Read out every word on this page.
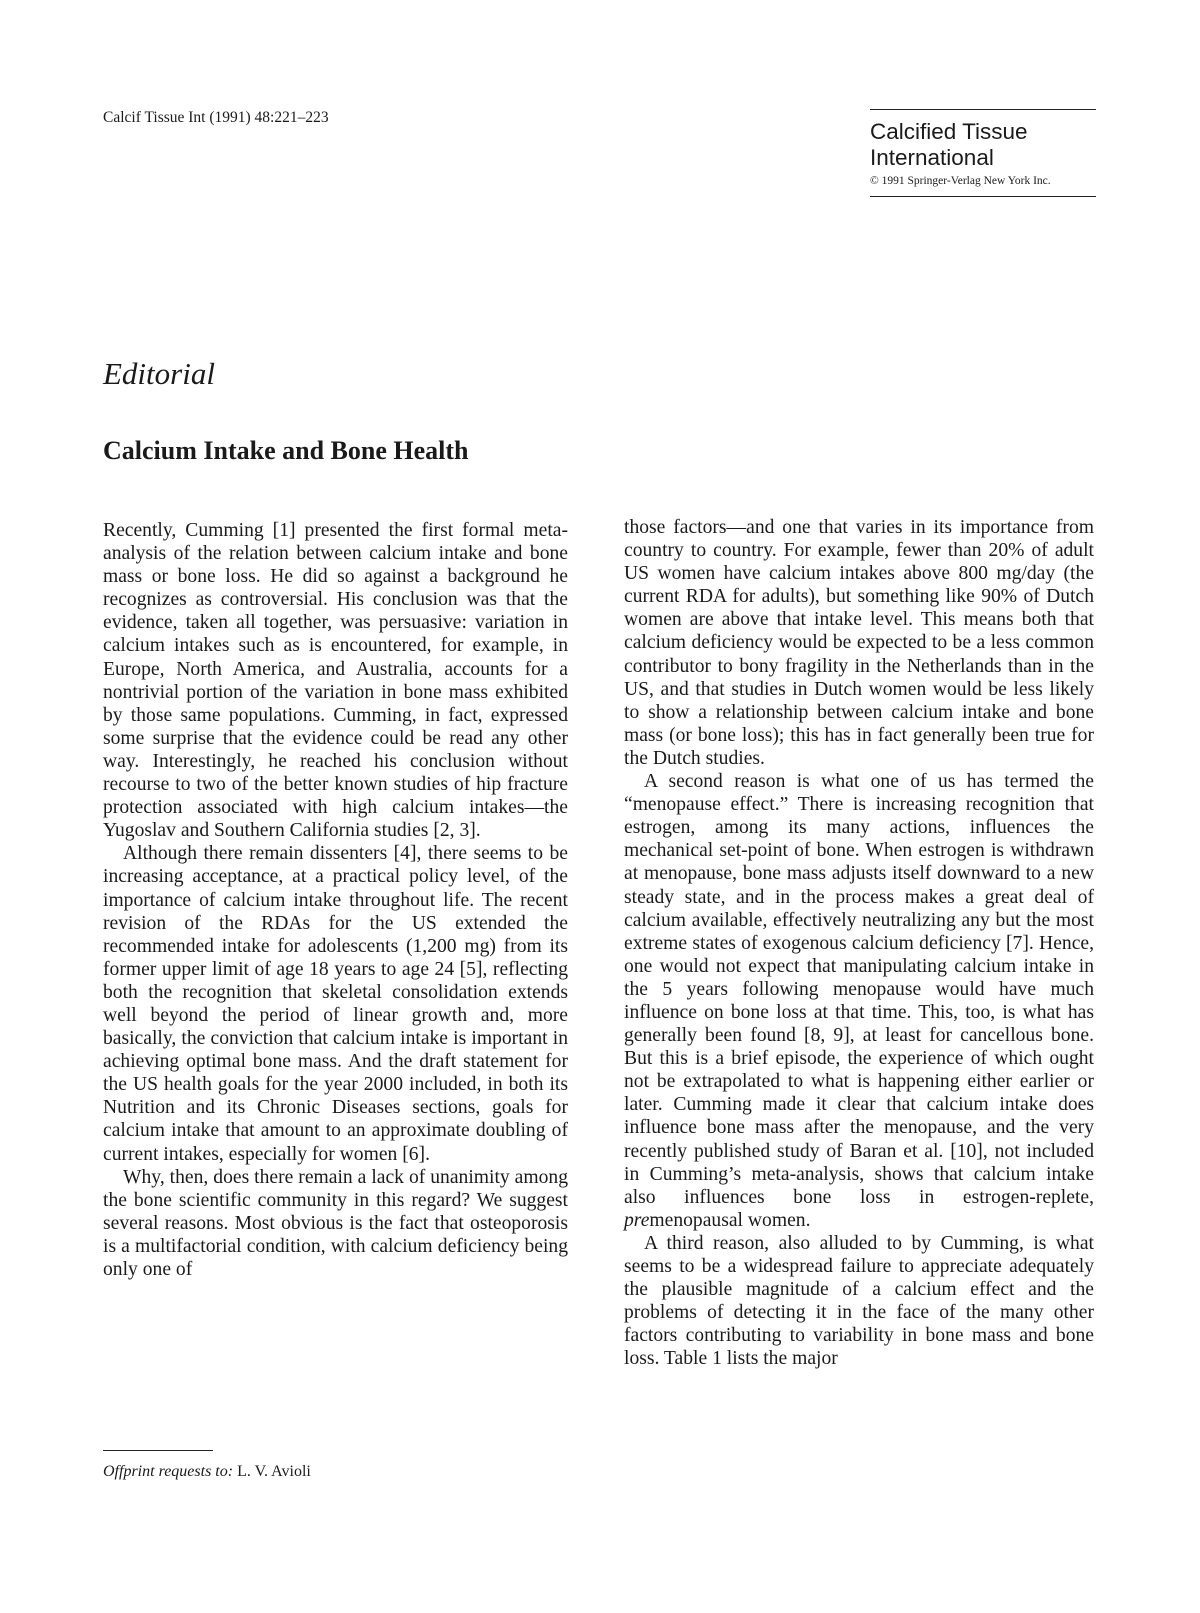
Calcif Tissue Int (1991) 48:221–223
Calcified Tissue
International
© 1991 Springer-Verlag New York Inc.
Editorial
Calcium Intake and Bone Health

Recently, Cumming [1] presented the first formal meta-analysis of the relation between calcium intake and bone mass or bone loss. He did so against a background he recognizes as controversial. His conclusion was that the evidence, taken all together, was persuasive: variation in calcium intakes such as is encountered, for example, in Europe, North America, and Australia, accounts for a nontrivial portion of the variation in bone mass exhibited by those same populations. Cumming, in fact, expressed some surprise that the evidence could be read any other way. Interestingly, he reached his conclusion without recourse to two of the better known studies of hip fracture protection associated with high calcium intakes—the Yugoslav and Southern California studies [2, 3].

Although there remain dissenters [4], there seems to be increasing acceptance, at a practical policy level, of the importance of calcium intake throughout life. The recent revision of the RDAs for the US extended the recommended intake for adolescents (1,200 mg) from its former upper limit of age 18 years to age 24 [5], reflecting both the recognition that skeletal consolidation extends well beyond the period of linear growth and, more basically, the conviction that calcium intake is important in achieving optimal bone mass. And the draft statement for the US health goals for the year 2000 included, in both its Nutrition and its Chronic Diseases sections, goals for calcium intake that amount to an approximate doubling of current intakes, especially for women [6].

Why, then, does there remain a lack of unanimity among the bone scientific community in this regard? We suggest several reasons. Most obvious is the fact that osteoporosis is a multifactorial condition, with calcium deficiency being only one of

those factors—and one that varies in its importance from country to country. For example, fewer than 20% of adult US women have calcium intakes above 800 mg/day (the current RDA for adults), but something like 90% of Dutch women are above that intake level. This means both that calcium deficiency would be expected to be a less common contributor to bony fragility in the Netherlands than in the US, and that studies in Dutch women would be less likely to show a relationship between calcium intake and bone mass (or bone loss); this has in fact generally been true for the Dutch studies.

A second reason is what one of us has termed the “menopause effect.” There is increasing recognition that estrogen, among its many actions, influences the mechanical set-point of bone. When estrogen is withdrawn at menopause, bone mass adjusts itself downward to a new steady state, and in the process makes a great deal of calcium available, effectively neutralizing any but the most extreme states of exogenous calcium deficiency [7]. Hence, one would not expect that manipulating calcium intake in the 5 years following menopause would have much influence on bone loss at that time. This, too, is what has generally been found [8, 9], at least for cancellous bone. But this is a brief episode, the experience of which ought not be extrapolated to what is happening either earlier or later. Cumming made it clear that calcium intake does influence bone mass after the menopause, and the very recently published study of Baran et al. [10], not included in Cumming’s meta-analysis, shows that calcium intake also influences bone loss in estrogen-replete, premenopausal women.

A third reason, also alluded to by Cumming, is what seems to be a widespread failure to appreciate adequately the plausible magnitude of a calcium effect and the problems of detecting it in the face of the many other factors contributing to variability in bone mass and bone loss. Table 1 lists the major

Offprint requests to: L. V. Avioli
